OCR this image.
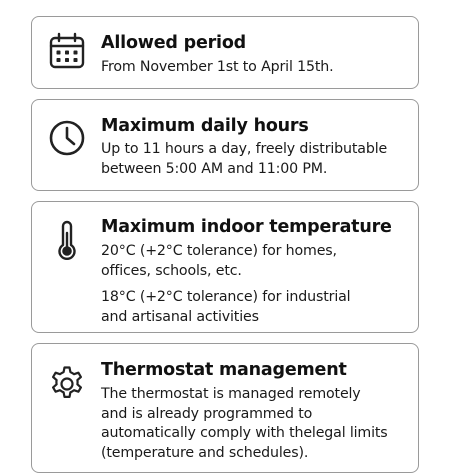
Allowed period
From November 1st to April 15th.
Maximum daily hours
Up to 11 hours a day, freely distributable
between 5:00 AM and 11:00 PM.
Maximum indoor temperature
20°C (+2°C tolerance) for homes,
offices, schools, etc.
18°C (+2°C tolerance) for industrial
and artisanal activities
Thermostat management
The thermostat is managed remotely
and is already programmed to
automatically comply with thelegal limits
(temperature and schedules).
